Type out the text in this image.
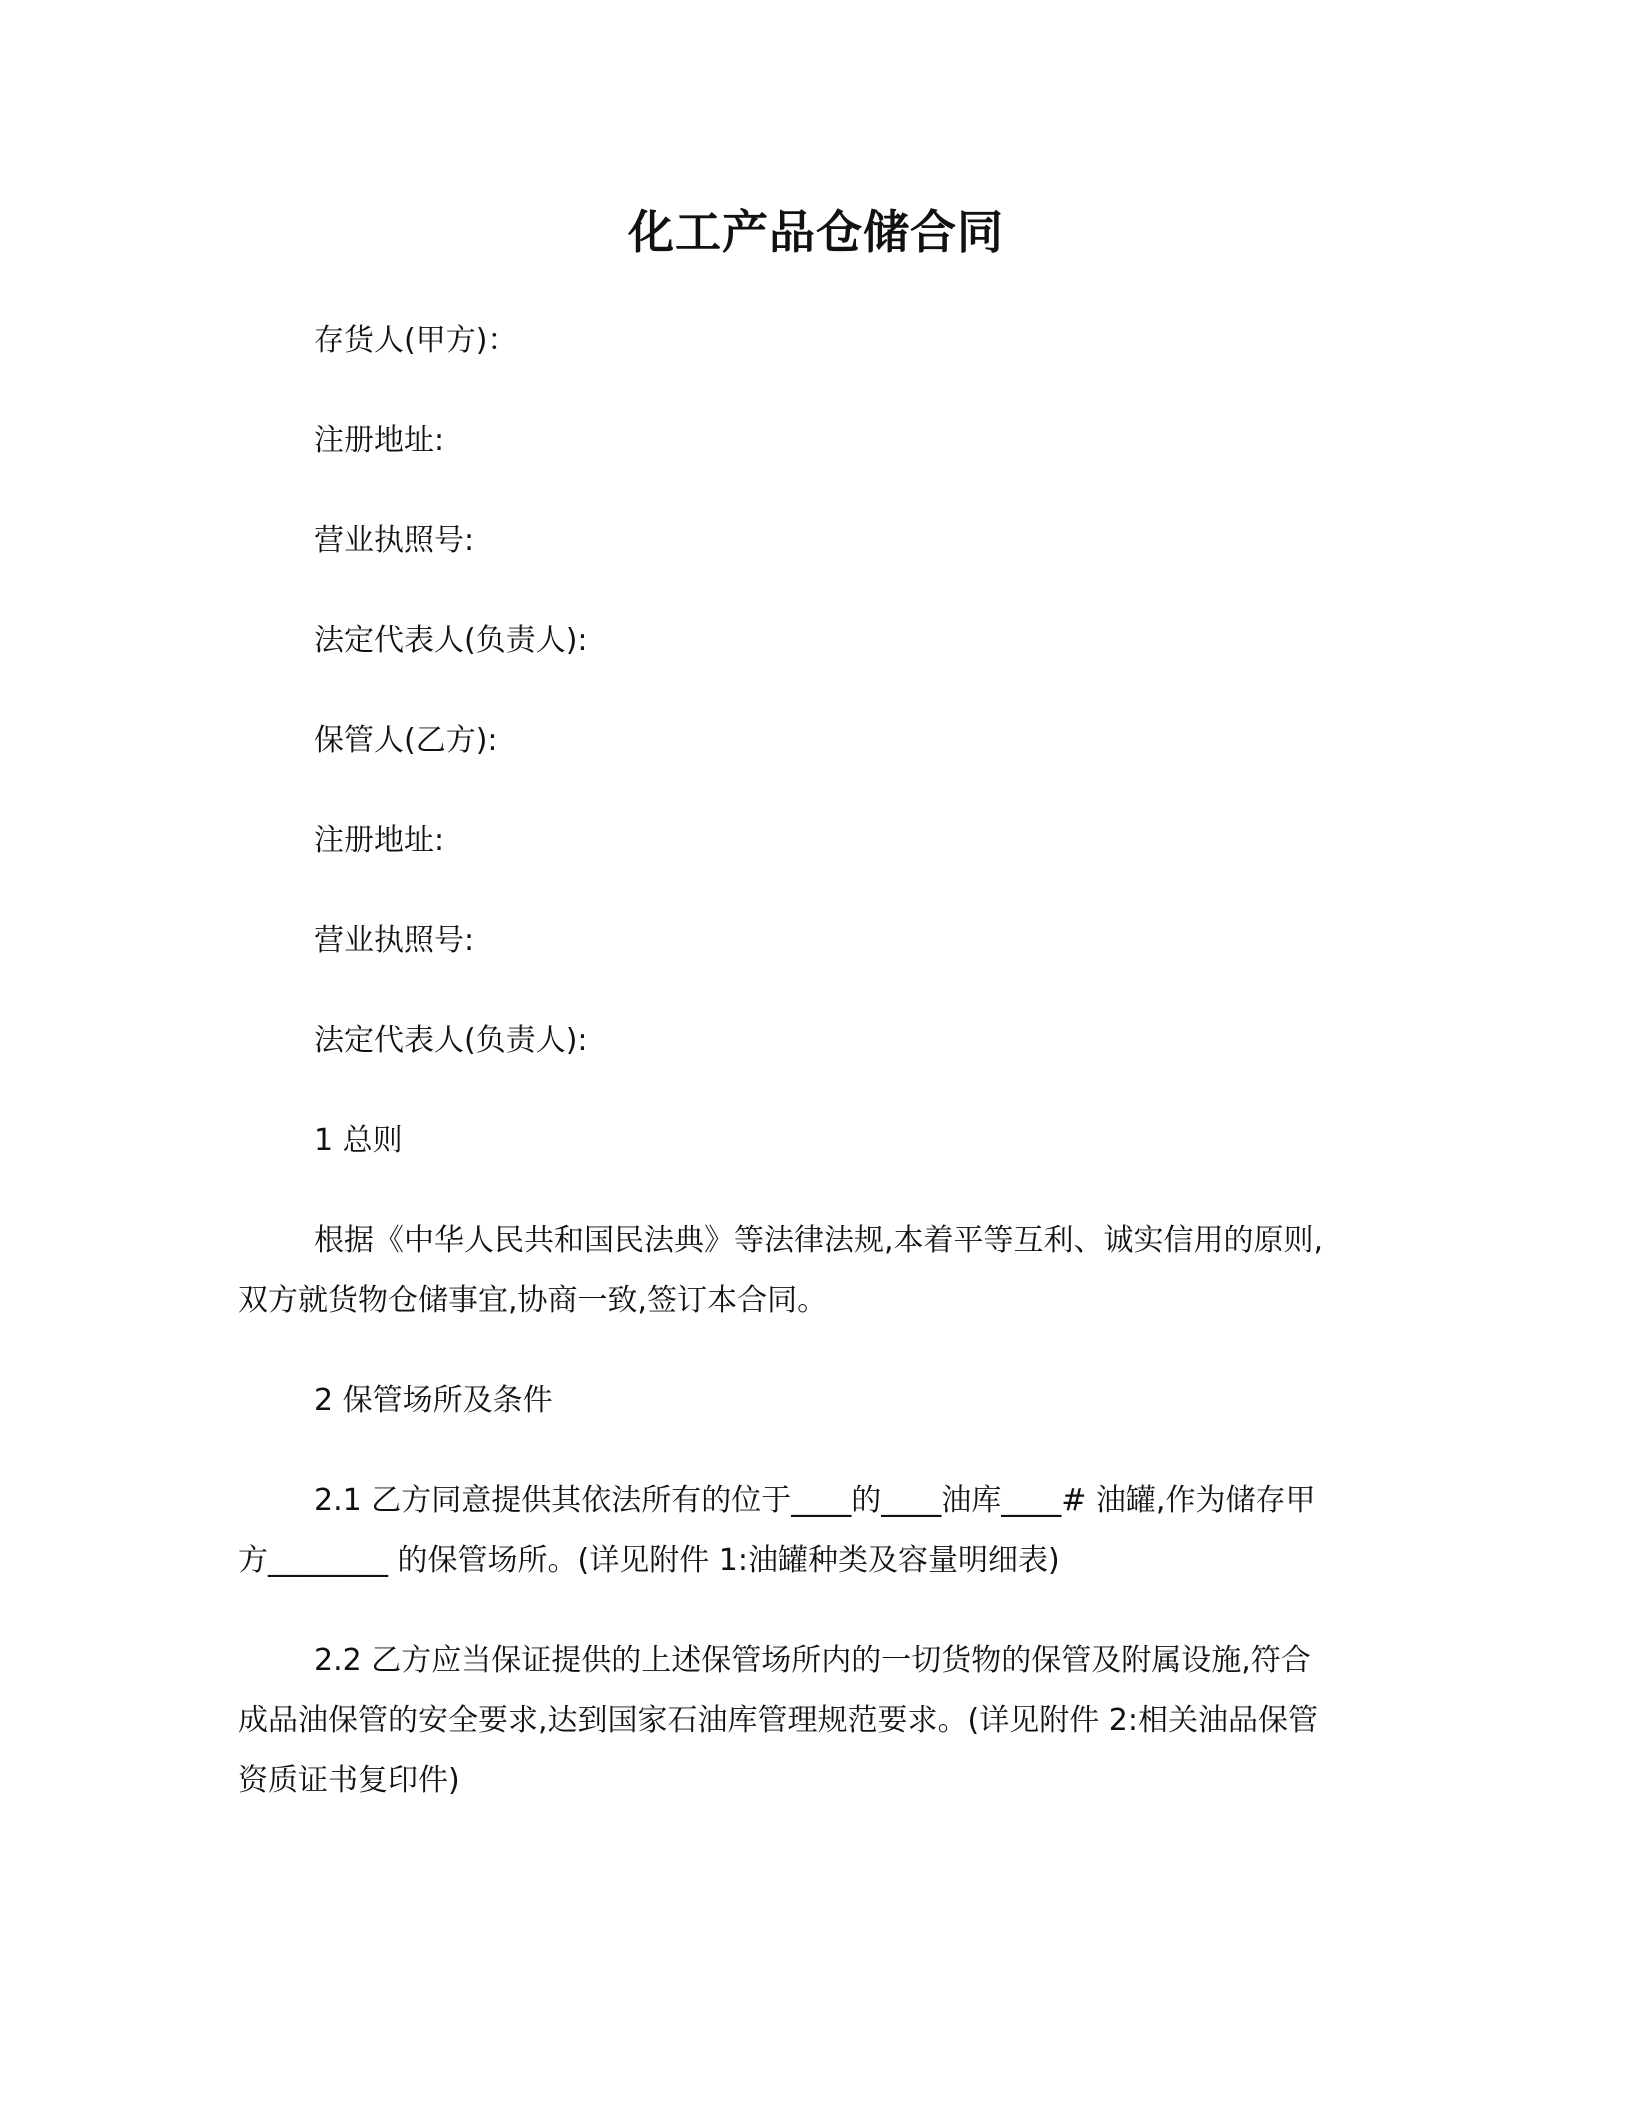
化工产品仓储合同
存货人(甲方)：
注册地址:
营业执照号:
法定代表人(负责人):
保管人(乙方):
注册地址:
营业执照号:
法定代表人(负责人):
1 总则
根据《中华人民共和国民法典》等法律法规,本着平等互利、诚实信用的原则,
双方就货物仓储事宜,协商一致,签订本合同。
2 保管场所及条件
2.1 乙方同意提供其依法所有的位于____的____油库____# 油罐,作为储存甲
方________ 的保管场所。(详见附件 1:油罐种类及容量明细表)
2.2 乙方应当保证提供的上述保管场所内的一切货物的保管及附属设施,符合
成品油保管的安全要求,达到国家石油库管理规范要求。(详见附件 2:相关油品保管
资质证书复印件)
